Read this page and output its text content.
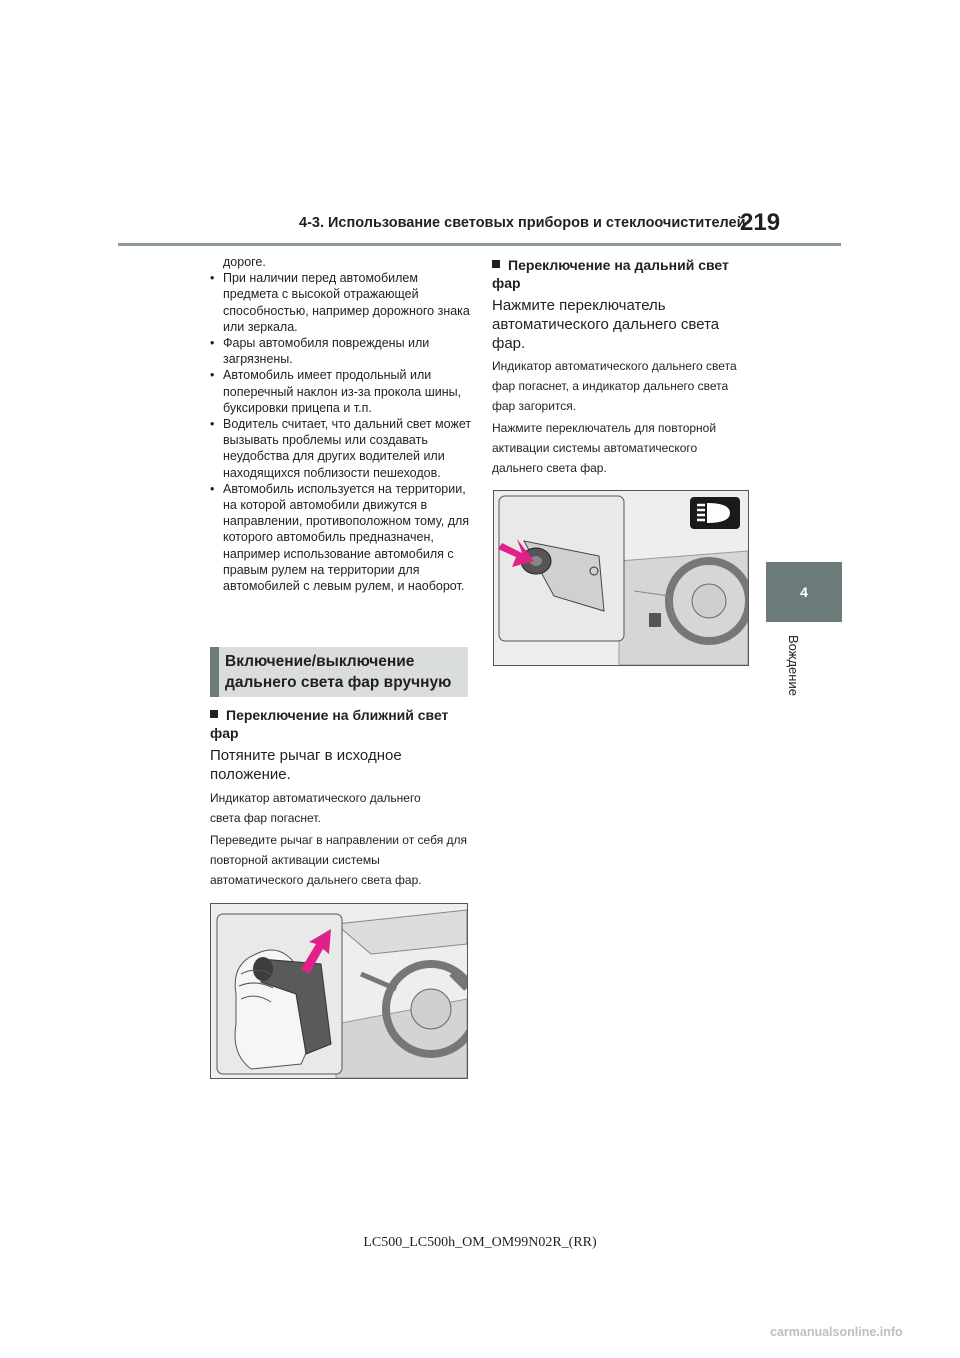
4-3. Использование световых приборов и стеклоочистителей
219
4
Вождение
дороге.
• При наличии перед автомобилем предмета с высокой отражающей способностью, например дорожного знака или зеркала.
• Фары автомобиля повреждены или загрязнены.
• Автомобиль имеет продольный или поперечный наклон из-за прокола шины, буксировки прицепа и т.п.
• Водитель считает, что дальний свет может вызывать проблемы или создавать неудобства для других водителей или находящихся поблизости пешеходов.
• Автомобиль используется на территории, на которой автомобили движутся в направлении, противоположном тому, для которого автомобиль предназначен, например использование автомобиля с правым рулем на территории для автомобилей с левым рулем, и наоборот.
Включение/выключение дальнего света фар вручную
Переключение на ближний свет фар
Потяните рычаг в исходное положение.
Индикатор автоматического дальнего света фар погаснет.
Переведите рычаг в направлении от себя для повторной активации системы автоматического дальнего света фар.
Переключение на дальний свет фар
Нажмите переключатель автоматического дальнего света фар.
Индикатор автоматического дальнего света фар погаснет, а индикатор дальнего света фар загорится.
Нажмите переключатель для повторной активации системы автоматического дальнего света фар.
LC500_LC500h_OM_OM99N02R_(RR)
carmanualsonline.info
